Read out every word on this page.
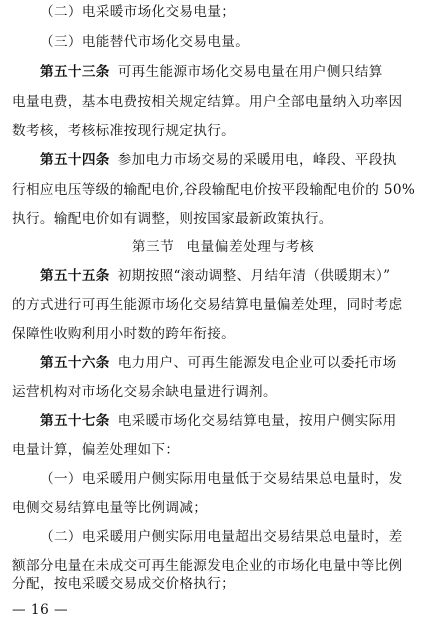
（二）电采暖市场化交易电量；
（三）电能替代市场化交易电量。
第五十三条 可再生能源市场化交易电量在用户侧只结算
电量电费，基本电费按相关规定结算。用户全部电量纳入功率因
数考核，考核标准按现行规定执行。
第五十四条 参加电力市场交易的采暖用电，峰段、平段执
行相应电压等级的输配电价,谷段输配电价按平段输配电价的 50%
执行。输配电价如有调整，则按国家最新政策执行。
第三节 电量偏差处理与考核
第五十五条 初期按照“滚动调整、月结年清（供暖期末）”
的方式进行可再生能源市场化交易结算电量偏差处理，同时考虑
保障性收购利用小时数的跨年衔接。
第五十六条 电力用户、可再生能源发电企业可以委托市场
运营机构对市场化交易余缺电量进行调剂。
第五十七条 电采暖市场化交易结算电量，按用户侧实际用
电量计算，偏差处理如下：
（一）电采暖用户侧实际用电量低于交易结果总电量时，发
电侧交易结算电量等比例调减；
（二）电采暖用户侧实际用电量超出交易结果总电量时，差
额部分电量在未成交可再生能源发电企业的市场化电量中等比例
分配，按电采暖交易成交价格执行；
— 16 —
